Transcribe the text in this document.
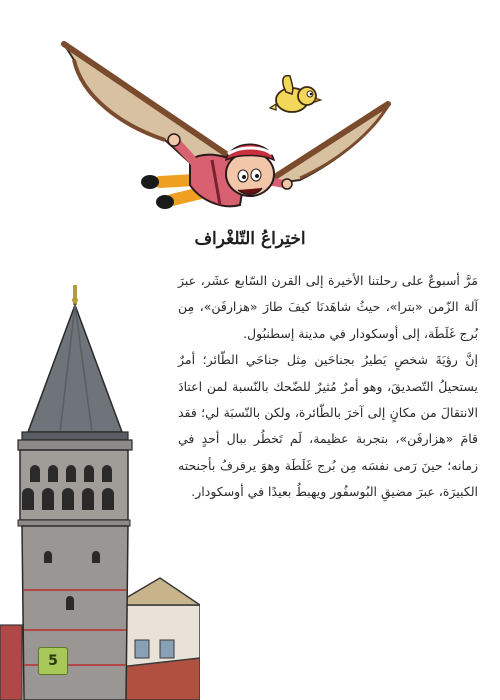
اختِراعُ التّلغْراف

مَرَّ أسبوعٌ على رحلتنا الأخيرة إلى القرن السّابع عشَر، عبرَ آلة الزّمن «بترا»، حيثُ شاهَدنَا كيفَ طارَ «هزارفَن»، مِن بُرج غَلَطَة، إلى أوسكودار في مدينة إسطنبُول.

إنَّ رؤيَةَ شخصٍ يَطيرُ بجناحَين مِثل جناحَي الطّائر؛ أمرٌ يستحيلُ التّصديقَ، وهو أمرٌ مُثيرٌ للضّحك بالنّسبة لمن اعتادَ الانتقالَ من مكانٍ إلى آخرَ بالطّائرة، ولكن بالنّسبَة لي؛ فقد قامَ «هزارفَن»، بتجربة عظيمة، لَم تَخطُر ببال أحدٍ في زمانه؛ حينَ رَمى نفسَه مِن بُرج غَلَطَة وهوَ يرفرفُ بأجنحته الكبيرَة، عبرَ مضيقِ البُوسفُور ويهبطُ بعيدًا في أوسكودار.

5
